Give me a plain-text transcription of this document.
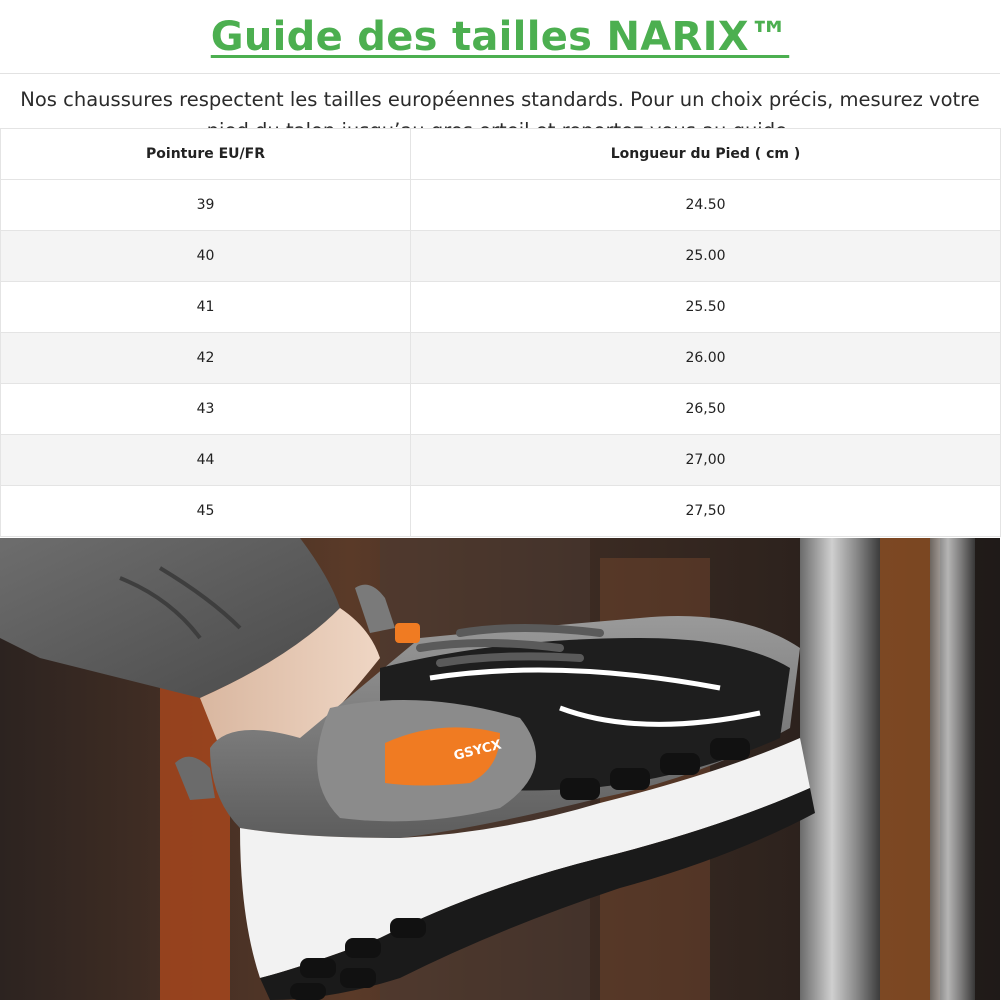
Guide des tailles NARIX™
Nos chaussures respectent les tailles européennes standards. Pour un choix précis, mesurez votre
Pointure EU/FR	Longueur du Pied ( cm )
39	24.50
40	25.00
41	25.50
42	26.00
43	26,50
44	27,00
45	27,50
GSYCX
